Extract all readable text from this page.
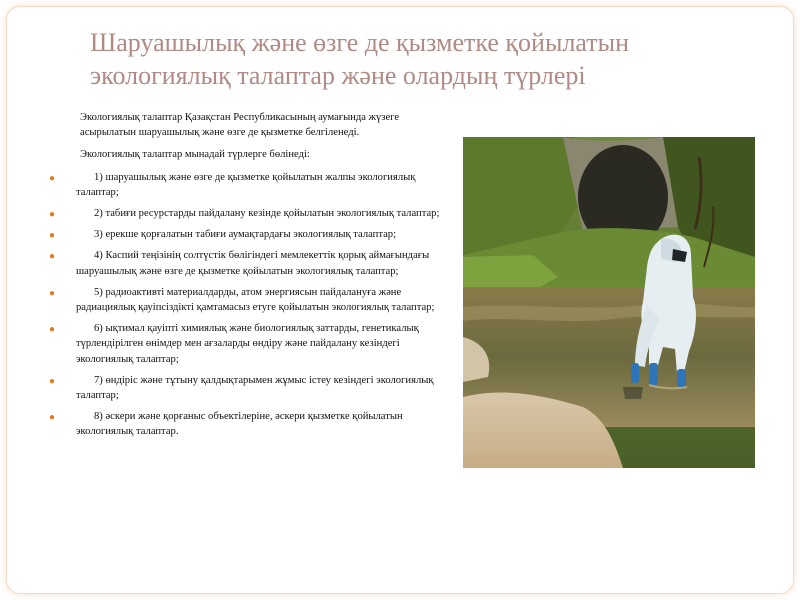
Шаруашылық және өзге де қызметке қойылатын
экологиялық талаптар және олардың түрлері

Экологиялық талаптар Қазақстан Республикасының аумағында жүзеге асырылатын шаруашылық және өзге де қызметке белгіленеді.

Экологиялық талаптар мынадай түрлерге бөлінеді:

●	1) шаруашылық және өзге де қызметке қойылатын жалпы экологиялық талаптар;
●	2) табиғи ресурстарды пайдалану кезінде қойылатын экологиялық талаптар;
●	3) ерекше қорғалатын табиғи аумақтардағы экологиялық талаптар;
●	4) Каспий теңізінің солтүстік бөлігіндегі мемлекеттік қорық аймағындағы шаруашылық және өзге де қызметке қойылатын экологиялық талаптар;
●	5) радиоактивті материалдарды, атом энергиясын пайдалануға және радиациялық қауіпсіздікті қамтамасыз етуге қойылатын экологиялық талаптар;
●	6) ықтимал қауіпті химиялық және биологиялық заттарды, генетикалық түрлендірілген өнімдер мен ағзаларды өндіру және пайдалану кезіндегі экологиялық талаптар;
●	7) өндіріс және тұтыну қалдықтарымен жұмыс істеу кезіндегі экологиялық талаптар;
●	8) әскери және қорғаныс объектілеріне, әскери қызметке қойылатын экологиялық талаптар.
